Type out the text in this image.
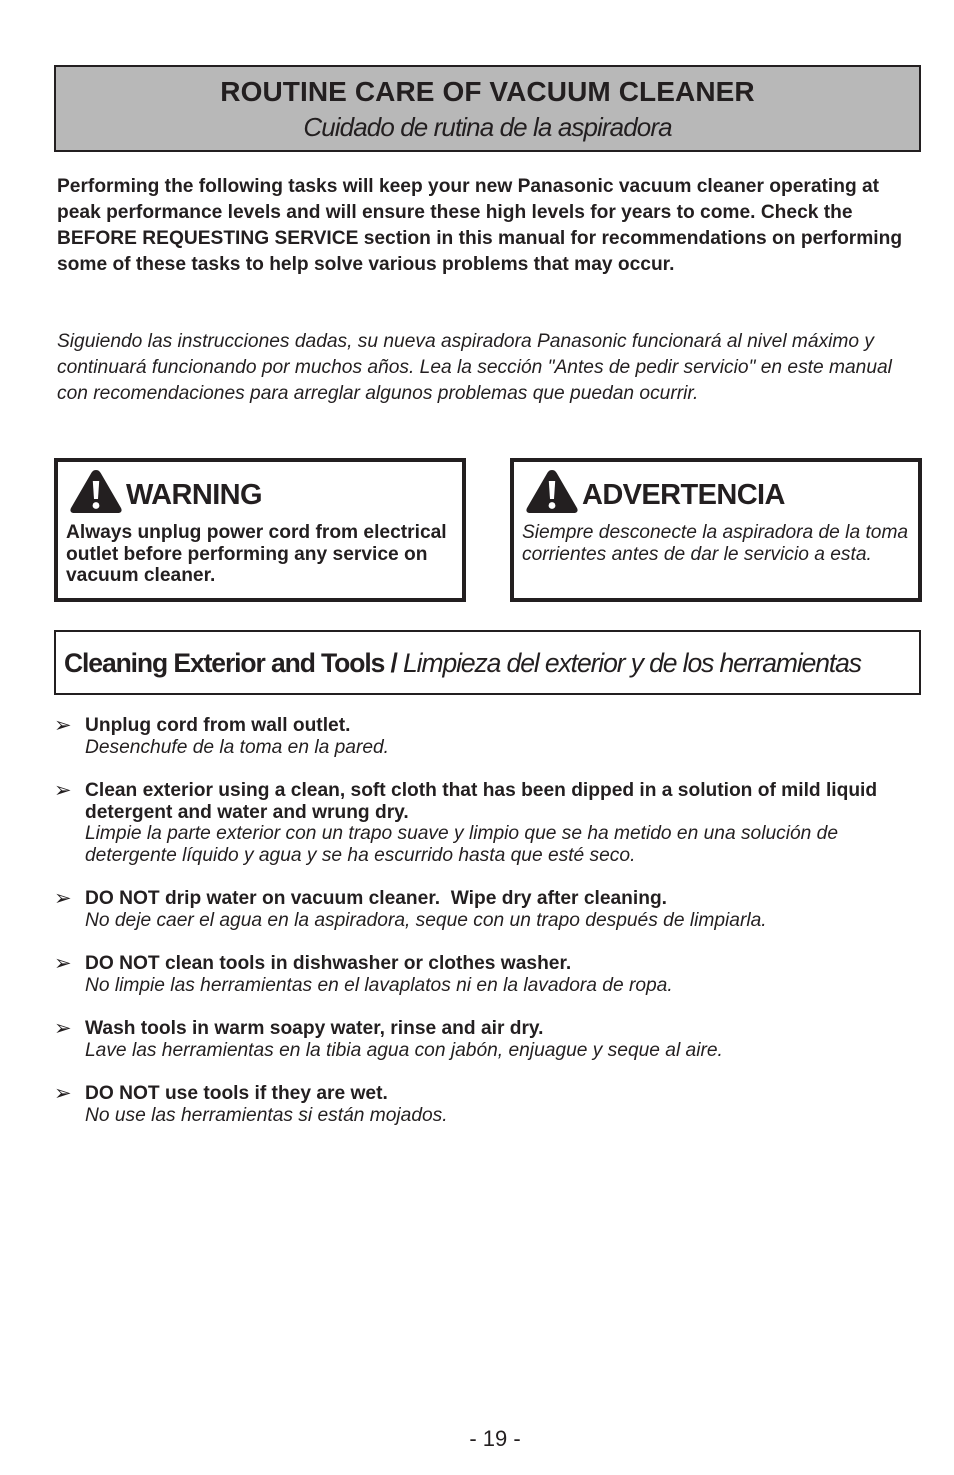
ROUTINE CARE OF VACUUM CLEANER
Cuidado de rutina de la aspiradora

Performing the following tasks will keep your new Panasonic vacuum cleaner operating at peak performance levels and will ensure these high levels for years to come. Check the BEFORE REQUESTING SERVICE section in this manual for recommendations on performing some of these tasks to help solve various problems that may occur.

Siguiendo las instrucciones dadas, su nueva aspiradora Panasonic funcionará al nivel máximo y continuará funcionando por muchos años. Lea la sección "Antes de pedir servicio" en este manual con recomendaciones para arreglar algunos problemas que puedan ocurrir.

WARNING
Always unplug power cord from electrical outlet before performing any service on vacuum cleaner.
ADVERTENCIA
Siempre desconecte la aspiradora de la toma corrientes antes de dar le servicio a esta.
Cleaning Exterior and Tools / Limpieza del exterior y de los herramientas
➢ Unplug cord from wall outlet.
Desenchufe de la toma en la pared.
➢ Clean exterior using a clean, soft cloth that has been dipped in a solution of mild liquid detergent and water and wrung dry.
Limpie la parte exterior con un trapo suave y limpio que se ha metido en una solución de detergente líquido y agua y se ha escurrido hasta que esté seco.
➢ DO NOT drip water on vacuum cleaner.  Wipe dry after cleaning.
No deje caer el agua en la aspiradora, seque con un trapo después de limpiarla.
➢ DO NOT clean tools in dishwasher or clothes washer.
No limpie las herramientas en el lavaplatos ni en la lavadora de ropa.
➢ Wash tools in warm soapy water, rinse and air dry.
Lave las herramientas en la tibia agua con jabón, enjuague y seque al aire.
➢ DO NOT use tools if they are wet.
No use las herramientas si están mojados.
- 19 -
